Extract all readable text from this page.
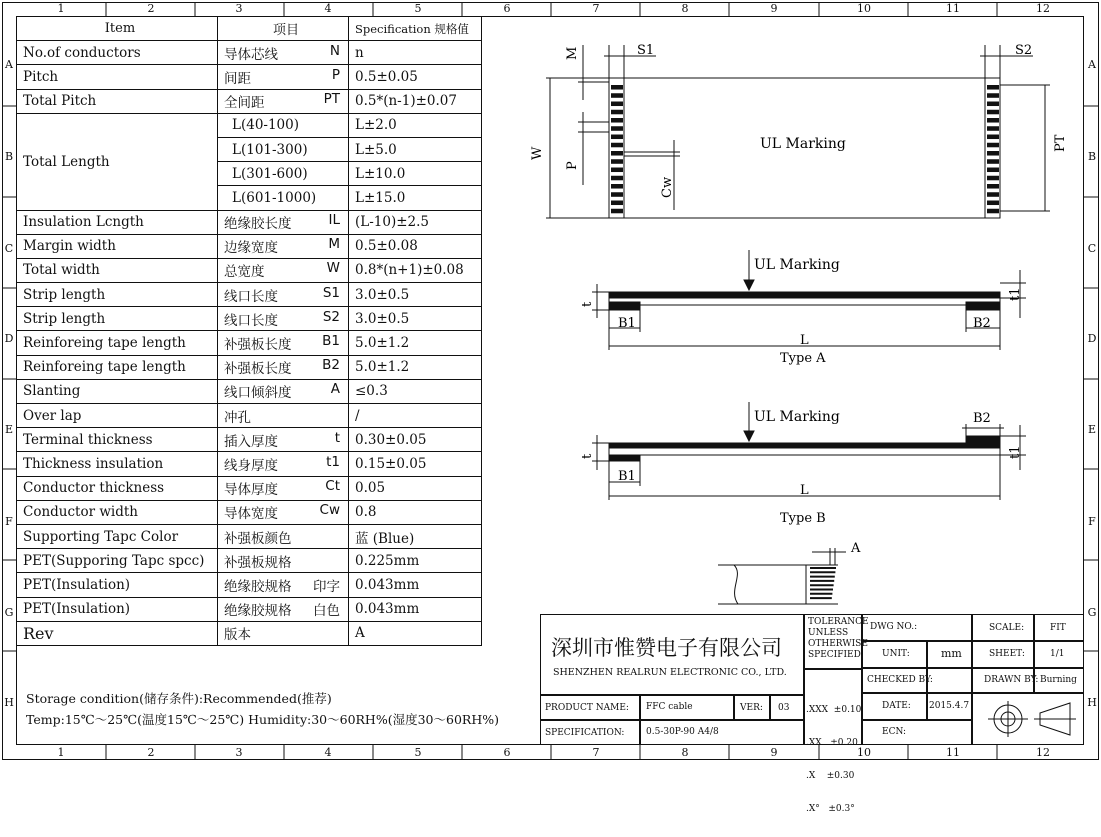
1
1
2
2
3
3
4
4
5
5
6
6
7
7
8
8
9
9
10
10
11
11
12
12
A	A
B	B
C	C
D	D
E	E
F	F
G	G
H	H
Item	项目	Specification 规格值
No.of conductors	导体芯线 N	n
Pitch	间距 P	0.5±0.05
Total Pitch	全间距 PT	0.5*(n-1)±0.07
Total Length	L(40-100)	L±2.0
	L(101-300)	L±5.0
	L(301-600)	L±10.0
	L(601-1000)	L±15.0
Insulation Lcngth	绝缘胶长度 IL	(L-10)±2.5
Margin width	边缘宽度 M	0.5±0.08
Total width	总宽度 W	0.8*(n+1)±0.08
Strip length	线口长度 S1	3.0±0.5
Strip length	线口长度 S2	3.0±0.5
Reinforeing tape length	补强板长度 B1	5.0±1.2
Reinforeing tape length	补强板长度 B2	5.0±1.2
Slanting	线口倾斜度 A	≤0.3
Over lap	冲孔	/
Terminal thickness	插入厚度 t	0.30±0.05
Thickness insulation	线身厚度 t1	0.15±0.05
Conductor thickness	导体厚度 Ct	0.05
Conductor width	导体宽度 Cw	0.8
Supporting Tapc Color	补强板颜色	蓝 (Blue)
PET(Supporing Tapc spcc)	补强板规格	0.225mm
PET(Insulation)	绝缘胶规格 印字	0.043mm
PET(Insulation)	绝缘胶规格 白色	0.043mm
Rev	版本	A
Storage condition(储存条件):Recommended(推荐)
Temp:15℃～25℃(温度15℃～25℃) Humidity:30～60RH%(湿度30～60RH%)
W
M	S1	S2
P
Cw
PT
UL Marking
UL Marking
t
t1
B1	B2
L
Type A
UL Marking
t	t1
B1
B2
L
Type B
A
深圳市惟赞电子有限公司
SHENZHEN REALRUN ELECTRONIC CO., LTD.
TOLERANCE
UNLESS
OTHERWISE
SPECIFIED

.XXX  ±0.10

.XX   ±0.20

.X    ±0.30

.X°   ±0.3°

DWG NO.:
UNIT:	mm
CHECKED BY:
DATE: 2015.4.7
ECN:
SCALE:	FIT
SHEET:	1/1
DRAWN BY: Burning
PRODUCT NAME: FFC cable	VER: 03
SPECIFICATION: 0.5-30P-90 A4/8
